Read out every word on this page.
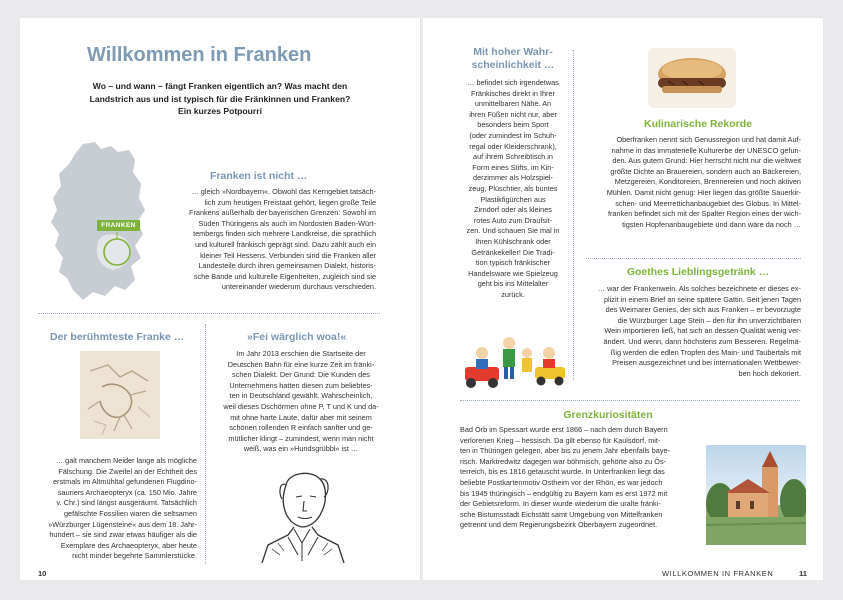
Willkommen in Franken
Wo – und wann – fängt Franken eigentlich an? Was macht den
Landstrich aus und ist typisch für die Fränkinnen und Franken?
Ein kurzes Potpourri
FRANKEN
Franken ist nicht …
… gleich »Nordbayern«. Obwohl das Kerngebiet tatsäch-
lich zum heutigen Freistaat gehört, liegen große Teile
Frankens außerhalb der bayerischen Grenzen: Sowohl im
Süden Thüringens als auch im Nordosten Baden-Würt-
tembergs finden sich mehrere Landkreise, die sprachlich
und kulturell fränkisch geprägt sind. Dazu zählt auch ein
kleiner Teil Hessens. Verbunden sind die Franken aller
Landesteile durch ihren gemeinsamen Dialekt, historis-
sche Bande und kulturelle Eigenheiten, zugleich sind sie
untereinander wiederum durchaus verschieden.
Der berühmteste Franke …
… galt manchem Neider lange als mögliche
Fälschung. Die Zweifel an der Echtheit des
erstmals im Altmühltal gefundenen Flugdino-
sauriers Archaeopteryx (ca. 150 Mio. Jahre
v. Chr.) sind längst ausgeräumt. Tatsächlich
gefälschte Fossilien waren die seltsamen
»Würzburger Lügensteine« aus dem 18. Jahr-
hundert – sie sind zwar etwas häufiger als die
Exemplare des Archaeopteryx, aber heute
nicht minder begehrte Sammlerstücke.
»Fei wärglich woa!«
Im Jahr 2013 erschien die Startseite der
Deutschen Bahn für eine kurze Zeit im fränki-
schen Dialekt. Der Grund: Die Kunden des
Unternehmens hatten diesen zum beliebtes-
ten in Deutschland gewählt. Wahrscheinlich,
weil dieses Dschörmen ohne P, T und K und da-
mit ohne harte Laute, dafür aber mit seinem
schönen rollenden R einfach sanfter und ge-
mütlicher klingt – zumindest, wenn man nicht
weiß, was ein »Hundsgrübbl« ist …
10
Mit hoher Wahr-
scheinlichkeit …
… befindet sich irgendetwas
Fränkisches direkt in Ihrer
unmittelbaren Nähe. An
ihren Füßen nicht nur, aber
besonders beim Sport
(oder zumindest im Schuh-
regal oder Kleiderschrank),
auf ihrem Schreibtisch in
Form eines Stifts, im Kin-
derzimmer als Holzspiel-
zeug, Plüschtier, als buntes
Plastikfigürchen aus
Zirndorf oder als kleines
rotes Auto zum Draufsit-
zen. Und schauen Sie mal in
Ihren Kühlschrank oder
Getränkekeller! Die Tradi-
tion typisch fränkischer
Handelsware wie Spielzeug
geht bis ins Mittelalter
zurück.
Kulinarische Rekorde
Oberfranken nennt sich Genussregion und hat damit Auf-
nahme in das immaterielle Kulturerbe der UNESCO gefun-
den. Aus gutem Grund: Hier herrscht nicht nur die weltweit
größte Dichte an Brauereien, sondern auch an Bäckereien,
Metzgereien, Konditoreien, Brennereien und noch aktiven
Mühlen. Damit nicht genug: Hier liegen das größte Sauerkir-
schen- und Meerrettichanbaugebiet des Globus. In Mittel-
franken befindet sich mit der Spalter Region eines der wich-
tigsten Hopfenanbaugebiete und dann wäre da noch …
Goethes Lieblingsgetränk …
… war der Frankenwein. Als solches bezeichnete er dieses ex-
plizit in einem Brief an seine spätere Gattin. Seit jenen Tagen
des Weimarer Genies, der sich aus Franken – er bevorzugte
die Würzburger Lage Stein – den für ihn unverzichtbaren
Wein importieren ließ, hat sich an dessen Qualität wenig ver-
ändert. Und wenn, dann höchstens zum Besseren. Regelmä-
ßig werden die edlen Tropfen des Main- und Taubertals mit
Preisen ausgezeichnet und bei internationalen Wettbewer-
ben hoch dekoriert.
Grenzkuriositäten
Bad Orb im Spessart wurde erst 1866 – nach dem durch Bayern
verlorenen Krieg – hessisch. Da gilt ebenso für Kaulsdorf, mit-
ten in Thüringen gelegen, aber bis zu jenem Jahr ebenfalls baye-
risch. Marktredwitz dagegen war böhmisch, gehörte also zu Ös-
terreich, bis es 1816 getauscht wurde. In Unterfranken liegt das
beliebte Postkartenmotiv Ostheim vor der Rhön, es war jedoch
bis 1945 thüringisch – endgültig zu Bayern kam es erst 1972 mit
der Gebietsreform. In dieser wurde wiederum die uralte fränki-
sche Bistumsstadt Eichstätt samt Umgebung von Mittelfranken
getrennt und dem Regierungsbezirk Oberbayern zugeordnet.
WILLKOMMEN IN FRANKEN	11
